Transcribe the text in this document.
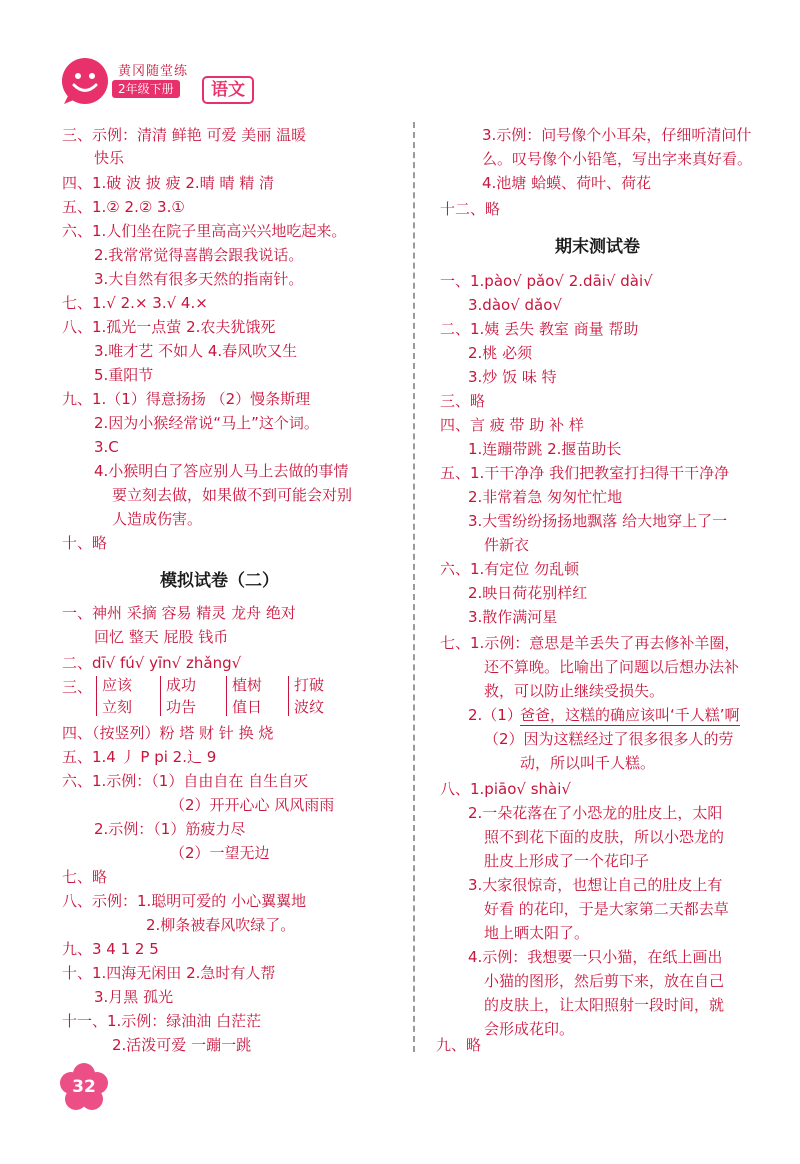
黄冈随堂练
2年级下册	语文
三、示例：清清 鲜艳 可爱 美丽 温暖
快乐
四、1.破 波 披 疲 2.晴 晴 精 清
五、1.② 2.② 3.①
六、1.人们坐在院子里高高兴兴地吃起来。
2.我常常觉得喜鹊会跟我说话。
3.大自然有很多天然的指南针。
七、1.√ 2.× 3.√ 4.×
八、1.孤光一点萤 2.农夫犹饿死
3.唯才艺 不如人 4.春风吹又生
5.重阳节
九、1.（1）得意扬扬 （2）慢条斯理
2.因为小猴经常说“马上”这个词。
3.C
4.小猴明白了答应别人马上去做的事情
要立刻去做，如果做不到可能会对别
人造成伤害。
十、略
模拟试卷（二）
一、神州 采摘 容易 精灵 龙舟 绝对
回忆 整天 屁股 钱币
二、dī√ fú√ yīn√ zhǎng√
三、 应该
立刻
成功
功告
植树
值日
打破
波纹
四、（按竖列）粉 塔 财 针 换 烧
五、1.4 丿 P pi 2.辶 9
六、1.示例：（1）自由自在 自生自灭
（2）开开心心 风风雨雨
2.示例：（1）筋疲力尽
（2）一望无边
七、略
八、示例：1.聪明可爱的 小心翼翼地
2.柳条被春风吹绿了。
九、3 4 1 2 5
十、1.四海无闲田 2.急时有人帮
3.月黑 孤光
十一、1.示例：绿油油 白茫茫
2.活泼可爱 一蹦一跳
3.示例：问号像个小耳朵，仔细听清问什
么。叹号像个小铅笔，写出字来真好看。
4.池塘 蛤蟆、荷叶、荷花
十二、略
期末测试卷
一、1.pào√ pǎo√ 2.dāi√ dài√
3.dào√ dǎo√
二、1.姨 丢失 教室 商量 帮助
2.桃 必须
3.炒 饭 味 特
三、略
四、言 疲 带 助 补 样
1.连蹦带跳 2.揠苗助长
五、1.干干净净 我们把教室打扫得干干净净
2.非常着急 匆匆忙忙地
3.大雪纷纷扬扬地飘落 给大地穿上了一
件新衣
六、1.有定位 勿乱顿
2.映日荷花别样红
3.散作满河星
七、1.示例：意思是羊丢失了再去修补羊圈，
还不算晚。比喻出了问题以后想办法补
救，可以防止继续受损失。
2.（1）
爸爸，这糕的确应该叫‘千人糕’啊
（2）因为这糕经过了很多很多人的劳
动，所以叫千人糕。
八、1.piāo√ shài√
2.一朵花落在了小恐龙的肚皮上，太阳
照不到花下面的皮肤，所以小恐龙的
肚皮上形成了一个花印子
3.大家很惊奇，也想让自己的肚皮上有
好看 的花印，于是大家第二天都去草
地上晒太阳了。
4.示例：我想要一只小猫，在纸上画出
小猫的图形，然后剪下来，放在自己
的皮肤上，让太阳照射一段时间，就
会形成花印。
九、略
32
